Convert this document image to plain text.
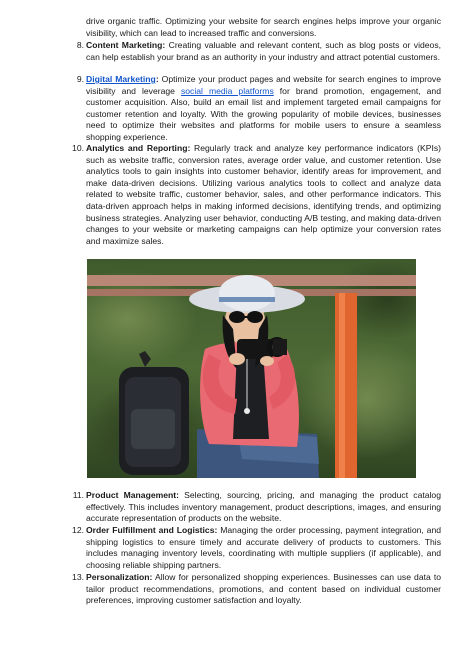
drive organic traffic. Optimizing your website for search engines helps improve your organic visibility, which can lead to increased traffic and conversions.

8. Content Marketing: Creating valuable and relevant content, such as blog posts or videos, can help establish your brand as an authority in your industry and attract potential customers.
9. Digital Marketing: Optimize your product pages and website for search engines to improve visibility and leverage social media platforms for brand promotion, engagement, and customer acquisition. Also, build an email list and implement targeted email campaigns for customer retention and loyalty. With the growing popularity of mobile devices, businesses need to optimize their websites and platforms for mobile users to ensure a seamless shopping experience.
10. Analytics and Reporting: Regularly track and analyze key performance indicators (KPIs) such as website traffic, conversion rates, average order value, and customer retention. Use analytics tools to gain insights into customer behavior, identify areas for improvement, and make data-driven decisions. Utilizing various analytics tools to collect and analyze data related to website traffic, customer behavior, sales, and other performance indicators. This data-driven approach helps in making informed decisions, identifying trends, and optimizing business strategies. Analyzing user behavior, conducting A/B testing, and making data-driven changes to your website or marketing campaigns can help optimize your conversion rates and maximize sales.
11. Product Management: Selecting, sourcing, pricing, and managing the product catalog effectively. This includes inventory management, product descriptions, images, and ensuring accurate representation of products on the website.
12. Order Fulfillment and Logistics: Managing the order processing, payment integration, and shipping logistics to ensure timely and accurate delivery of products to customers. This includes managing inventory levels, coordinating with multiple suppliers (if applicable), and choosing reliable shipping partners.
13. Personalization: Allow for personalized shopping experiences. Businesses can use data to tailor product recommendations, promotions, and content based on individual customer preferences, improving customer satisfaction and loyalty.
